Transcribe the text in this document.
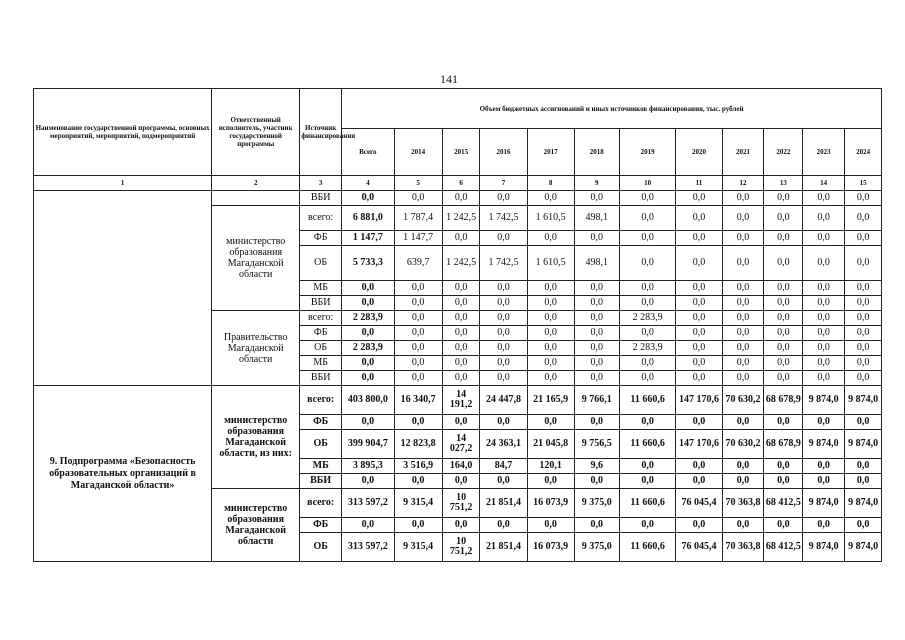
141
Наименование государственной программы, основных мероприятий, мероприятий, подмероприятий	Ответственный исполнитель, участник государственной программы	Источник финансирования	Объем бюджетных ассигнований и иных источников финансирования, тыс. рублей											
			Всего	2014	2015	2016	2017	2018	2019	2020	2021	2022	2023	2024
1	2	3	4	5	6	7	8	9	10	11	12	13	14	15
		ВБИ	0,0	0,0	0,0	0,0	0,0	0,0	0,0	0,0	0,0	0,0	0,0	0,0
	министерство образования Магаданской области	всего:	6 881,0	1 787,4	1 242,5	1 742,5	1 610,5	498,1	0,0	0,0	0,0	0,0	0,0	0,0
		ФБ	1 147,7	1 147,7	0,0	0,0	0,0	0,0	0,0	0,0	0,0	0,0	0,0	0,0
		ОБ	5 733,3	639,7	1 242,5	1 742,5	1 610,5	498,1	0,0	0,0	0,0	0,0	0,0	0,0
		МБ	0,0	0,0	0,0	0,0	0,0	0,0	0,0	0,0	0,0	0,0	0,0	0,0
		ВБИ	0,0	0,0	0,0	0,0	0,0	0,0	0,0	0,0	0,0	0,0	0,0	0,0
	Правительство Магаданской области	всего:	2 283,9	0,0	0,0	0,0	0,0	0,0	2 283,9	0,0	0,0	0,0	0,0	0,0
		ФБ	0,0	0,0	0,0	0,0	0,0	0,0	0,0	0,0	0,0	0,0	0,0	0,0
		ОБ	2 283,9	0,0	0,0	0,0	0,0	0,0	2 283,9	0,0	0,0	0,0	0,0	0,0
		МБ	0,0	0,0	0,0	0,0	0,0	0,0	0,0	0,0	0,0	0,0	0,0	0,0
		ВБИ	0,0	0,0	0,0	0,0	0,0	0,0	0,0	0,0	0,0	0,0	0,0	0,0
9. Подпрограмма «Безопасность образовательных организаций в Магаданской области»	министерство образования Магаданской области, из них:	всего:	403 800,0	16 340,7	14 191,2	24 447,8	21 165,9	9 766,1	11 660,6	147 170,6	70 630,2	68 678,9	9 874,0	9 874,0
		ФБ	0,0	0,0	0,0	0,0	0,0	0,0	0,0	0,0	0,0	0,0	0,0	0,0
		ОБ	399 904,7	12 823,8	14 027,2	24 363,1	21 045,8	9 756,5	11 660,6	147 170,6	70 630,2	68 678,9	9 874,0	9 874,0
		МБ	3 895,3	3 516,9	164,0	84,7	120,1	9,6	0,0	0,0	0,0	0,0	0,0	0,0
		ВБИ	0,0	0,0	0,0	0,0	0,0	0,0	0,0	0,0	0,0	0,0	0,0	0,0
	министерство образования Магаданской области	всего:	313 597,2	9 315,4	10 751,2	21 851,4	16 073,9	9 375,0	11 660,6	76 045,4	70 363,8	68 412,5	9 874,0	9 874,0
		ФБ	0,0	0,0	0,0	0,0	0,0	0,0	0,0	0,0	0,0	0,0	0,0	0,0
		ОБ	313 597,2	9 315,4	10 751,2	21 851,4	16 073,9	9 375,0	11 660,6	76 045,4	70 363,8	68 412,5	9 874,0	9 874,0
